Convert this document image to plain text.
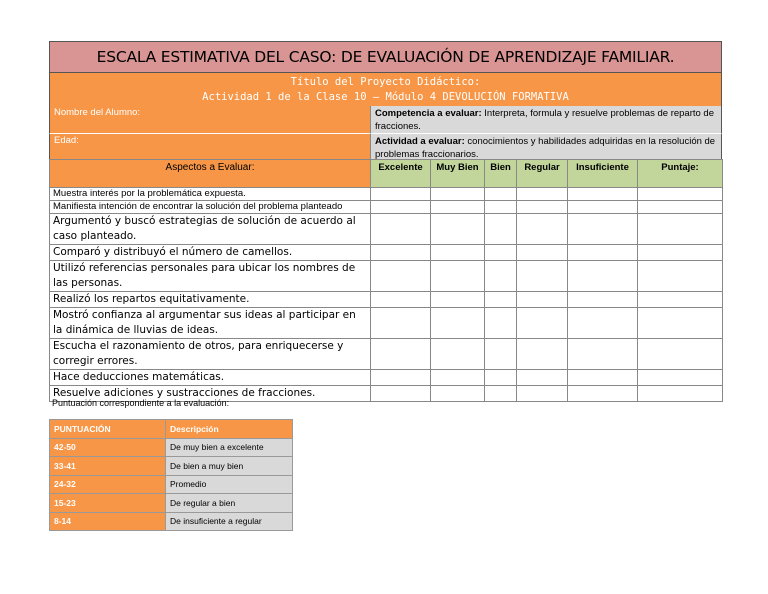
ESCALA ESTIMATIVA DEL CASO: DE EVALUACIÓN DE APRENDIZAJE FAMILIAR.
Título del Proyecto Didáctico:
Actividad 1 de la Clase 10 – Módulo 4 DEVOLUCIÓN FORMATIVA
Nombre del Alumno:	Competencia a evaluar: Interpreta, formula y resuelve problemas de reparto de fracciones.
Edad:	Actividad a evaluar: conocimientos y habilidades adquiridas en la resolución de problemas fraccionarios.
Aspectos a Evaluar:	Excelente	Muy Bien	Bien	Regular	Insuficiente	Puntaje:
Muestra interés por la problemática expuesta.						
Manifiesta intención de encontrar la solución del problema planteado						
Argumentó y buscó estrategias de solución de acuerdo al caso planteado.						
Comparó y distribuyó el número de camellos.						
Utilizó referencias personales para ubicar los nombres de las personas.						
Realizó los repartos equitativamente.						
Mostró confianza al argumentar sus ideas al participar en la dinámica de lluvias de ideas.						
Escucha el razonamiento de otros, para enriquecerse y corregir errores.						
Hace deducciones matemáticas.						
Resuelve adiciones y sustracciones de fracciones.						
Puntuación correspondiente a la evaluación:
PUNTUACIÓN	Descripción
42-50	De muy bien a excelente
33-41	De bien a muy bien
24-32	Promedio
15-23	De regular a bien
8-14	De insuficiente a regular
